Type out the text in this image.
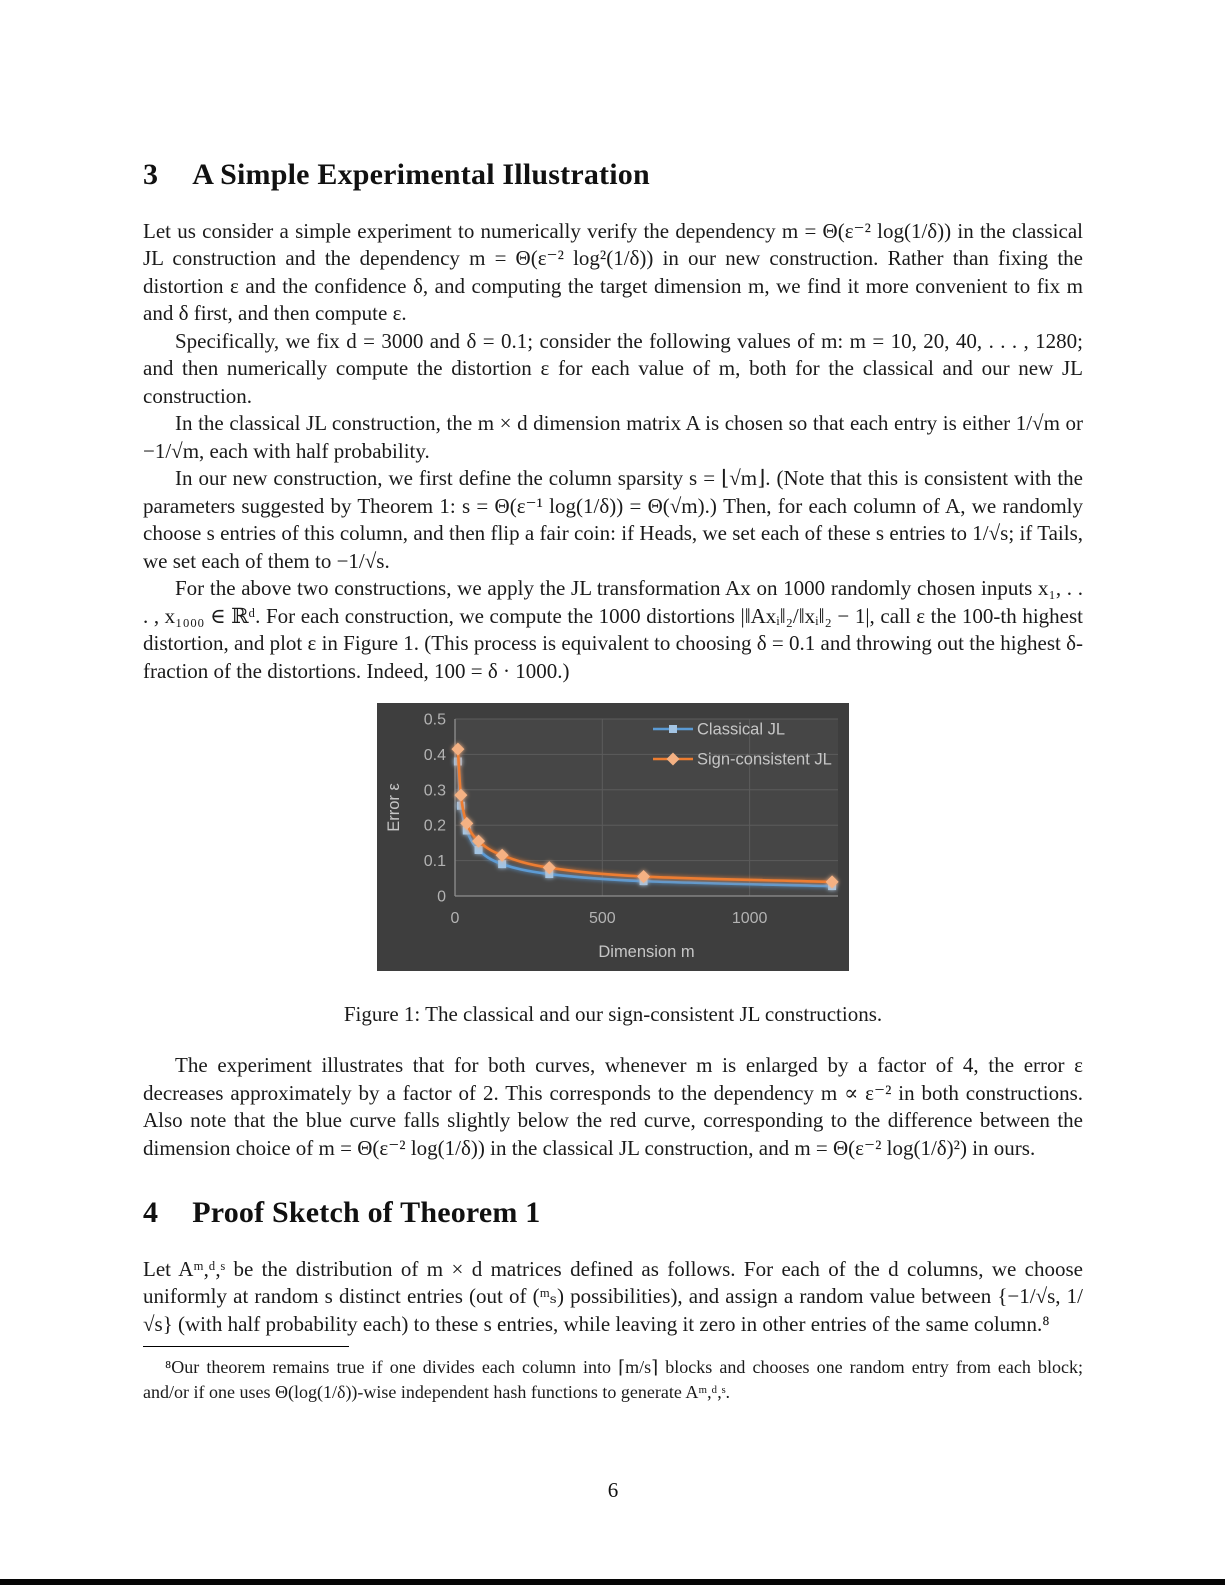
3 A Simple Experimental Illustration

Let us consider a simple experiment to numerically verify the dependency m = Θ(ε⁻² log(1/δ)) in the classical JL construction and the dependency m = Θ(ε⁻² log²(1/δ)) in our new construction. Rather than fixing the distortion ε and the confidence δ, and computing the target dimension m, we find it more convenient to fix m and δ first, and then compute ε.

Specifically, we fix d = 3000 and δ = 0.1; consider the following values of m: m = 10, 20, 40, . . . , 1280; and then numerically compute the distortion ε for each value of m, both for the classical and our new JL construction.

In the classical JL construction, the m × d dimension matrix A is chosen so that each entry is either 1/√m or −1/√m, each with half probability.

In our new construction, we first define the column sparsity s = ⌊√m⌋. (Note that this is consistent with the parameters suggested by Theorem 1: s = Θ(ε⁻¹ log(1/δ)) = Θ(√m).) Then, for each column of A, we randomly choose s entries of this column, and then flip a fair coin: if Heads, we set each of these s entries to 1/√s; if Tails, we set each of them to −1/√s.

For the above two constructions, we apply the JL transformation Ax on 1000 randomly chosen inputs x₁, . . . , x₁₀₀₀ ∈ ℝᵈ. For each construction, we compute the 1000 distortions |‖Axᵢ‖₂/‖xᵢ‖₂ − 1|, call ε the 100-th highest distortion, and plot ε in Figure 1. (This process is equivalent to choosing δ = 0.1 and throwing out the highest δ-fraction of the distortions. Indeed, 100 = δ · 1000.)

0
0.1
0.2
0.3
0.4
0.5
0	500	1000
Dimension m
Error ε
Classical JL
Sign-consistent JL
Figure 1: The classical and our sign-consistent JL constructions.

The experiment illustrates that for both curves, whenever m is enlarged by a factor of 4, the error ε decreases approximately by a factor of 2. This corresponds to the dependency m ∝ ε⁻² in both constructions. Also note that the blue curve falls slightly below the red curve, corresponding to the difference between the dimension choice of m = Θ(ε⁻² log(1/δ)) in the classical JL construction, and m = Θ(ε⁻² log(1/δ)²) in ours.

4 Proof Sketch of Theorem 1

Let Aᵐ,ᵈ,ˢ be the distribution of m × d matrices defined as follows. For each of the d columns, we choose uniformly at random s distinct entries (out of (ᵐₛ) possibilities), and assign a random value between {−1/√s, 1/√s} (with half probability each) to these s entries, while leaving it zero in other entries of the same column.⁸

⁸Our theorem remains true if one divides each column into ⌈m/s⌉ blocks and chooses one random entry from each block; and/or if one uses Θ(log(1/δ))-wise independent hash functions to generate Aᵐ,ᵈ,ˢ.

6
